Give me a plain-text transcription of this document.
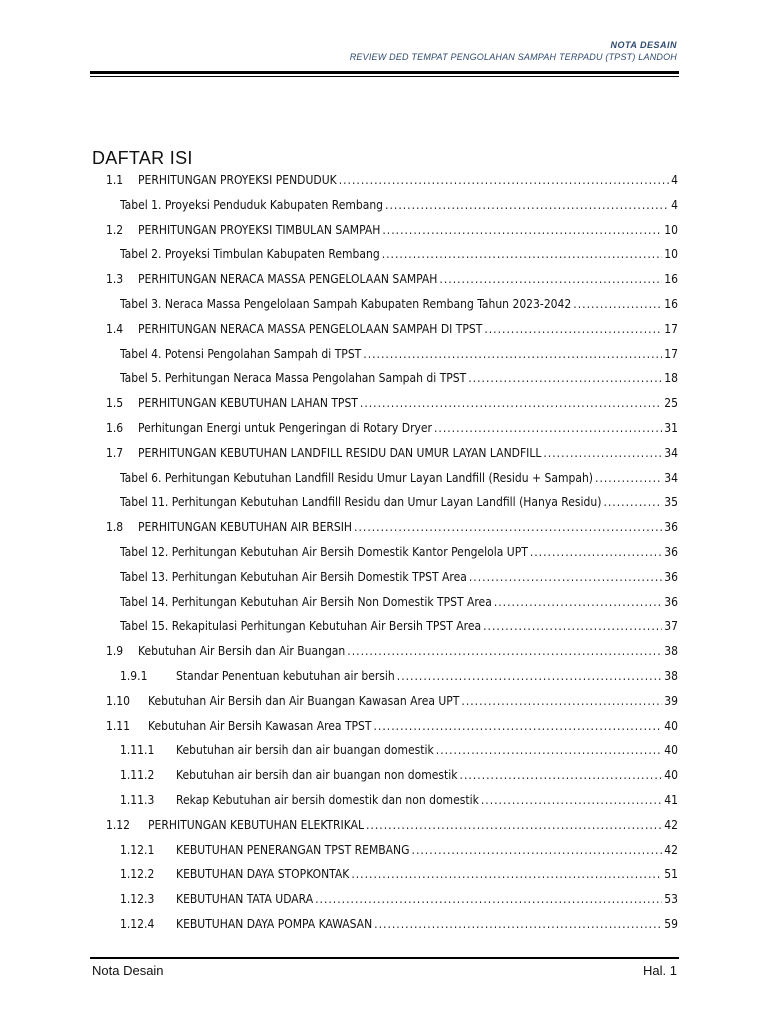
NOTA DESAIN
REVIEW DED TEMPAT PENGOLAHAN SAMPAH TERPADU (TPST) LANDOH
DAFTAR ISI
1.1	PERHITUNGAN PROYEKSI PENDUDUK .....	4
Tabel 1. Proyeksi Penduduk Kabupaten Rembang .....	4
1.2	PERHITUNGAN PROYEKSI TIMBULAN SAMPAH .....	10
Tabel 2. Proyeksi Timbulan Kabupaten Rembang .....	10
1.3	PERHITUNGAN NERACA MASSA PENGELOLAAN SAMPAH .....	16
Tabel 3. Neraca Massa Pengelolaan Sampah Kabupaten Rembang Tahun 2023-2042 .....	16
1.4	PERHITUNGAN NERACA MASSA PENGELOLAAN SAMPAH DI TPST .....	17
Tabel 4. Potensi Pengolahan Sampah di TPST .....	17
Tabel 5. Perhitungan Neraca Massa Pengolahan Sampah di TPST .....	18
1.5	PERHITUNGAN KEBUTUHAN LAHAN TPST .....	25
1.6	Perhitungan Energi untuk Pengeringan di Rotary Dryer .....	31
1.7	PERHITUNGAN KEBUTUHAN LANDFILL RESIDU DAN UMUR LAYAN LANDFILL .....	34
Tabel 6. Perhitungan Kebutuhan Landfill Residu Umur Layan Landfill (Residu + Sampah) .....	34
Tabel 11. Perhitungan Kebutuhan Landfill Residu dan Umur Layan Landfill (Hanya Residu) .....	35
1.8	PERHITUNGAN KEBUTUHAN AIR BERSIH .....	36
Tabel 12. Perhitungan Kebutuhan Air Bersih Domestik Kantor Pengelola UPT .....	36
Tabel 13. Perhitungan Kebutuhan Air Bersih Domestik TPST Area .....	36
Tabel 14. Perhitungan Kebutuhan Air Bersih Non Domestik TPST Area .....	36
Tabel 15. Rekapitulasi Perhitungan Kebutuhan Air Bersih TPST Area .....	37
1.9	Kebutuhan Air Bersih dan Air Buangan .....	38
1.9.1	Standar Penentuan kebutuhan air bersih .....	38
1.10	Kebutuhan Air Bersih dan Air Buangan Kawasan Area UPT .....	39
1.11	Kebutuhan Air Bersih Kawasan Area TPST .....	40
1.11.1	Kebutuhan air bersih dan air buangan domestik .....	40
1.11.2	Kebutuhan air bersih dan air buangan non domestik .....	40
1.11.3	Rekap Kebutuhan air bersih domestik dan non domestik .....	41
1.12	PERHITUNGAN KEBUTUHAN ELEKTRIKAL .....	42
1.12.1	KEBUTUHAN PENERANGAN TPST REMBANG .....	42
1.12.2	KEBUTUHAN DAYA STOPKONTAK .....	51
1.12.3	KEBUTUHAN TATA UDARA .....	53
1.12.4	KEBUTUHAN DAYA POMPA KAWASAN .....	59
Nota Desain	Hal. 1
